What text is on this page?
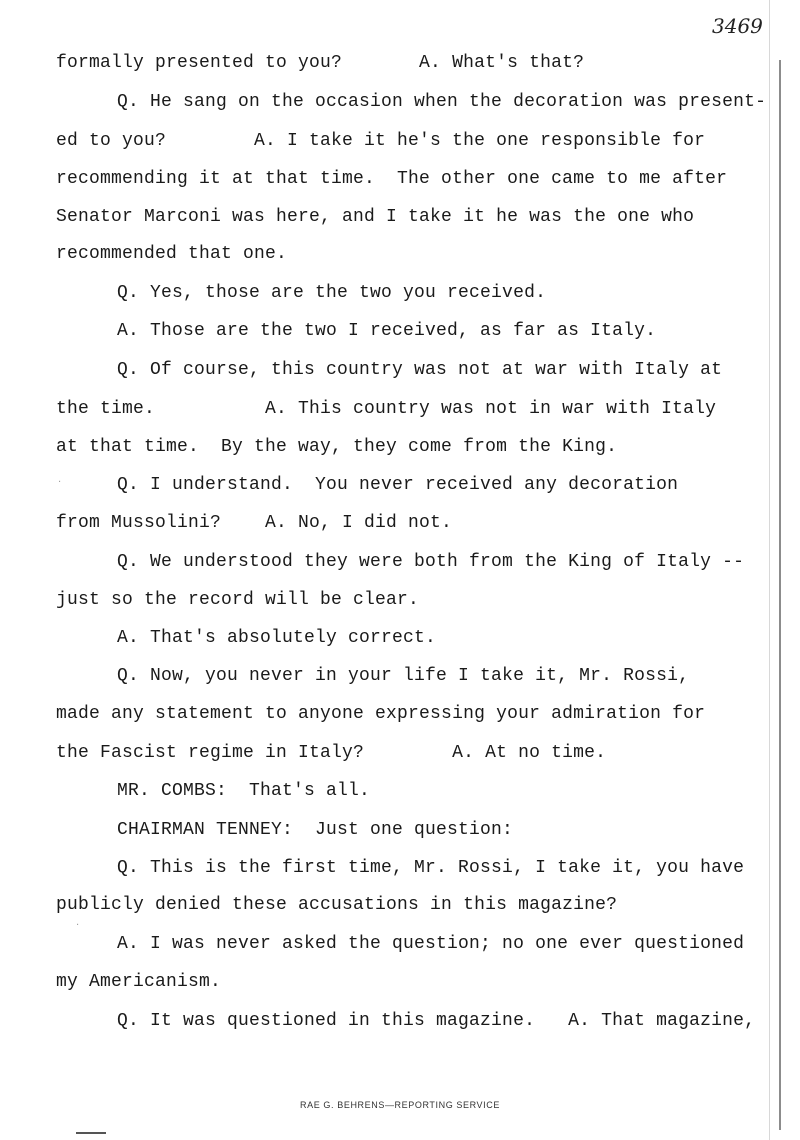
3469
formally presented to you?       A. What's that?
Q. He sang on the occasion when the decoration was present-
ed to you?        A. I take it he's the one responsible for
recommending it at that time.  The other one came to me after
Senator Marconi was here, and I take it he was the one who
recommended that one.
Q. Yes, those are the two you received.
A. Those are the two I received, as far as Italy.
Q. Of course, this country was not at war with Italy at
the time.          A. This country was not in war with Italy
at that time.  By the way, they come from the King.
Q. I understand.  You never received any decoration
from Mussolini?    A. No, I did not.
Q. We understood they were both from the King of Italy --
just so the record will be clear.
A. That's absolutely correct.
Q. Now, you never in your life I take it, Mr. Rossi,
made any statement to anyone expressing your admiration for
the Fascist regime in Italy?        A. At no time.
MR. COMBS:  That's all.
CHAIRMAN TENNEY:  Just one question:
Q. This is the first time, Mr. Rossi, I take it, you have
publicly denied these accusations in this magazine?
A. I was never asked the question; no one ever questioned
my Americanism.
Q. It was questioned in this magazine.   A. That magazine,
·
·
RAE G. BEHRENS—REPORTING SERVICE
